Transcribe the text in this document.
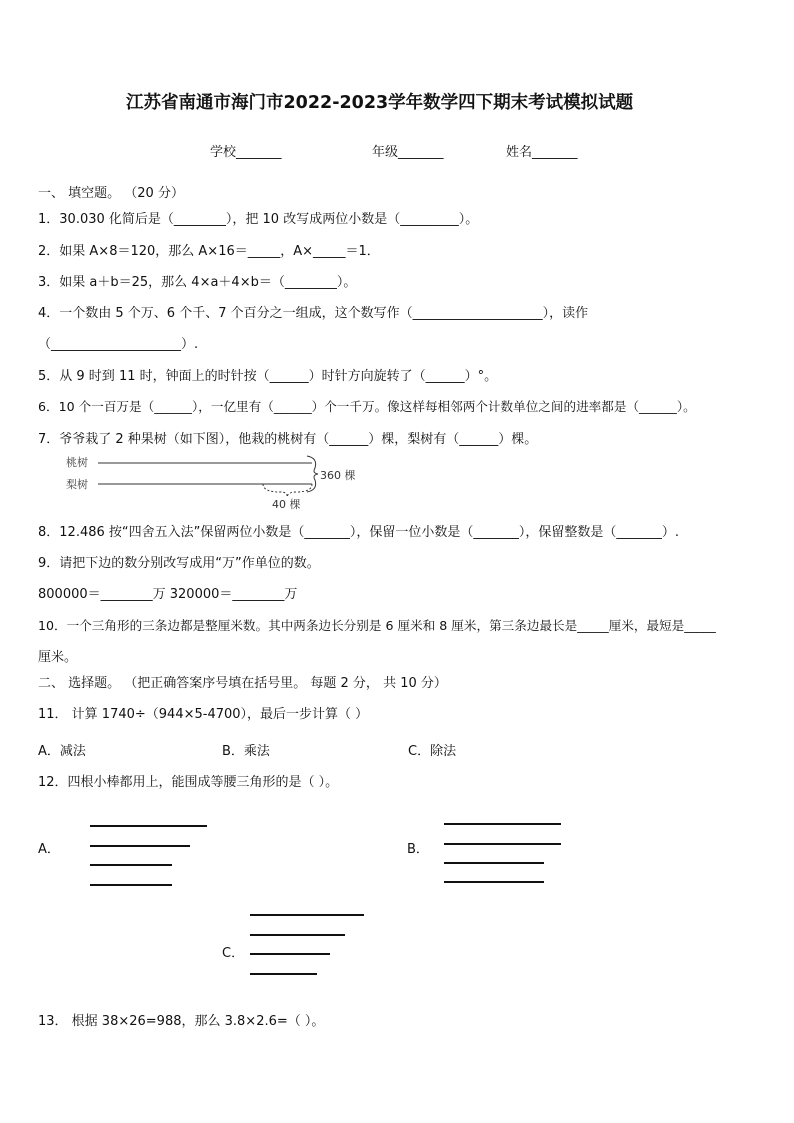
江苏省南通市海门市2022-2023学年数学四下期末考试模拟试题
学校_______	年级_______	姓名_______
一、 填空题。 （20 分）
1．30.030 化简后是（________），把 10 改写成两位小数是（_________）。
2．如果 A×8＝120，那么 A×16＝_____，A×_____＝1．
3．如果 a＋b＝25，那么 4×a＋4×b＝（________）。
4．一个数由 5 个万、6 个千、7 个百分之一组成，这个数写作（____________________），读作
（____________________）.
5．从 9 时到 11 时，钟面上的时针按（______）时针方向旋转了（______）°。
6．10 个一百万是（______），一亿里有（______）个一千万。像这样每相邻两个计数单位之间的进率都是（______）。
7．爷爷栽了 2 种果树（如下图），他栽的桃树有（______）棵，梨树有（______）棵。
桃树
梨树
360 棵
40 棵
8．12.486 按“四舍五入法”保留两位小数是（_______），保留一位小数是（_______），保留整数是（_______）.
9．请把下边的数分别改写成用“万”作单位的数。
800000＝________万 320000＝________万
10．一个三角形的三条边都是整厘米数。其中两条边长分别是 6 厘米和 8 厘米，第三条边最长是_____厘米，最短是_____
厘米。
二、 选择题。 （把正确答案序号填在括号里。 每题 2 分， 共 10 分）
11． 计算 1740÷（944×5-4700），最后一步计算（ ）
A．减法	B．乘法	C．除法
12．四根小棒都用上，能围成等腰三角形的是（ ）。
A．	B．
C．
13． 根据 38×26=988，那么 3.8×2.6=（ ）。
